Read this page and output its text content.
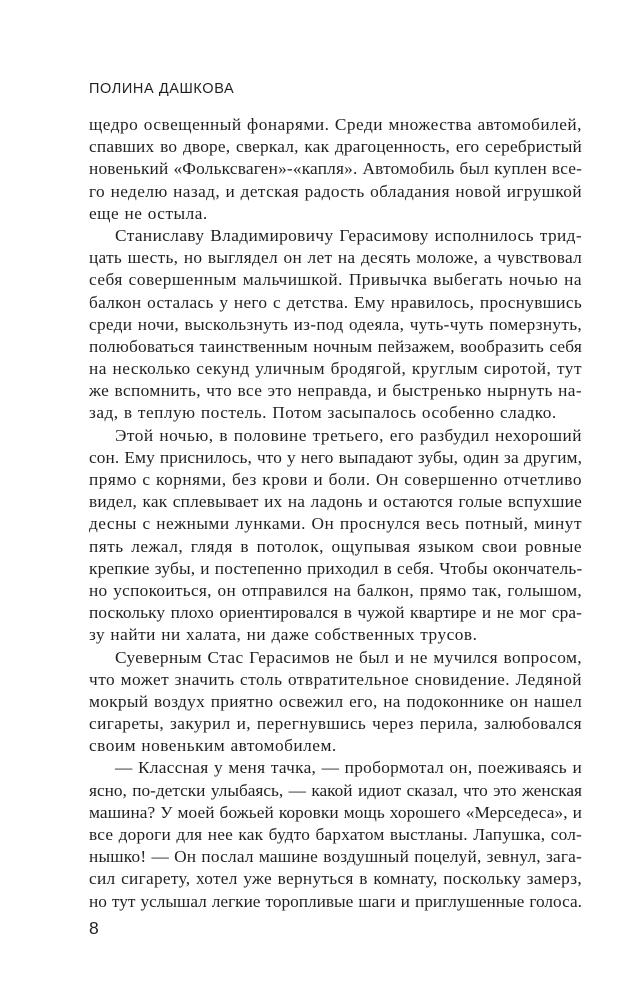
ПОЛИНА ДАШКОВА
щедро освещенный фонарями. Среди множества автомобилей,
спавших во дворе, сверкал, как драгоценность, его серебристый
новенький «Фольксваген»-«капля». Автомобиль был куплен все-
го неделю назад, и детская радость обладания новой игрушкой
еще не остыла.
Станиславу Владимировичу Герасимову исполнилось трид-
цать шесть, но выглядел он лет на десять моложе, а чувствовал
себя совершенным мальчишкой. Привычка выбегать ночью на
балкон осталась у него с детства. Ему нравилось, проснувшись
среди ночи, выскользнуть из-под одеяла, чуть-чуть померзнуть,
полюбоваться таинственным ночным пейзажем, вообразить себя
на несколько секунд уличным бродягой, круглым сиротой, тут
же вспомнить, что все это неправда, и быстренько нырнуть на-
зад, в теплую постель. Потом засыпалось особенно сладко.
Этой ночью, в половине третьего, его разбудил нехороший
сон. Ему приснилось, что у него выпадают зубы, один за другим,
прямо с корнями, без крови и боли. Он совершенно отчетливо
видел, как сплевывает их на ладонь и остаются голые вспухшие
десны с нежными лунками. Он проснулся весь потный, минут
пять лежал, глядя в потолок, ощупывая языком свои ровные
крепкие зубы, и постепенно приходил в себя. Чтобы окончатель-
но успокоиться, он отправился на балкон, прямо так, голышом,
поскольку плохо ориентировался в чужой квартире и не мог сра-
зу найти ни халата, ни даже собственных трусов.
Суеверным Стас Герасимов не был и не мучился вопросом,
что может значить столь отвратительное сновидение. Ледяной
мокрый воздух приятно освежил его, на подоконнике он нашел
сигареты, закурил и, перегнувшись через перила, залюбовался
своим новеньким автомобилем.
— Классная у меня тачка, — пробормотал он, поеживаясь и
ясно, по-детски улыбаясь, — какой идиот сказал, что это женская
машина? У моей божьей коровки мощь хорошего «Мерседеса», и
все дороги для нее как будто бархатом выстланы. Лапушка, сол-
нышко! — Он послал машине воздушный поцелуй, зевнул, зага-
сил сигарету, хотел уже вернуться в комнату, поскольку замерз,
но тут услышал легкие торопливые шаги и приглушенные голоса.
8
